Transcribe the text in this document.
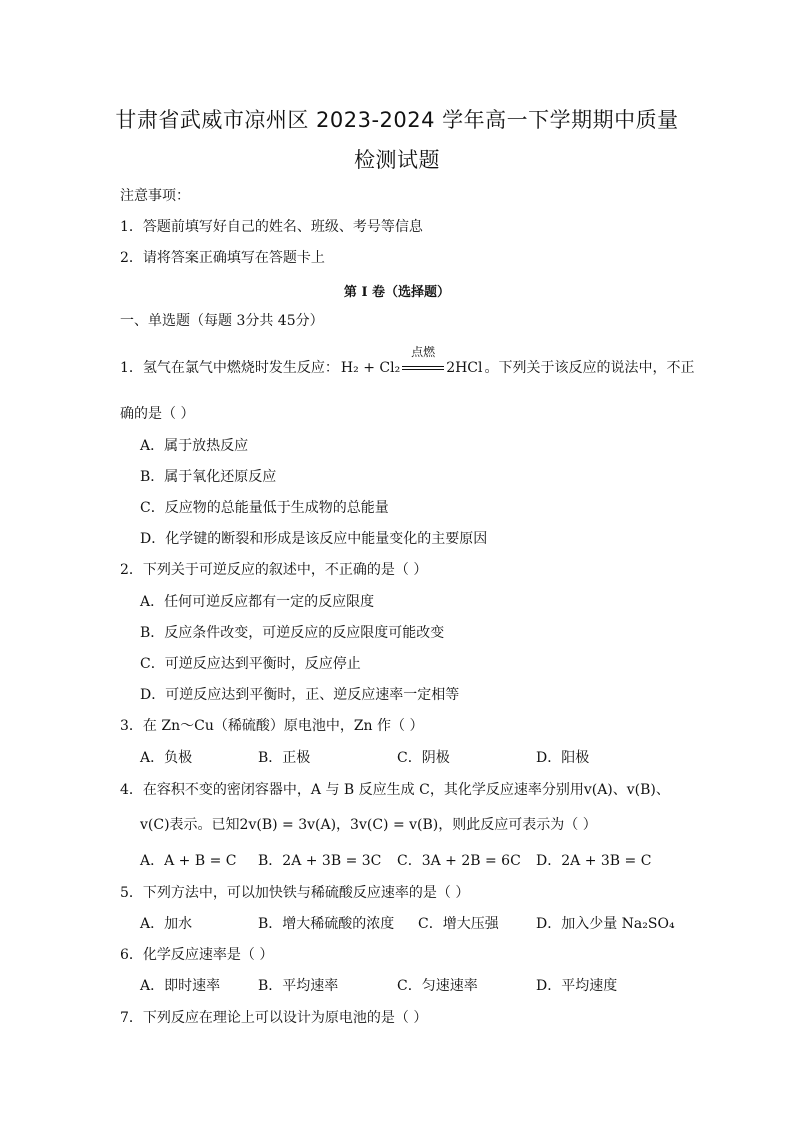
甘肃省武威市凉州区 2023-2024 学年高一下学期期中质量
检测试题
注意事项：
1．答题前填写好自己的姓名、班级、考号等信息
2．请将答案正确填写在答题卡上
第 I 卷（选择题）
一、单选题（每题 3分共 45分）
1．氢气在氯气中燃烧时发生反应： H₂ + Cl₂
点燃
2HCl 。下列关于该反应的说法中，不正
确的是（ ）
A．属于放热反应
B．属于氧化还原反应
C．反应物的总能量低于生成物的总能量
D．化学键的断裂和形成是该反应中能量变化的主要原因
2．下列关于可逆反应的叙述中，不正确的是（ ）
A．任何可逆反应都有一定的反应限度
B．反应条件改变，可逆反应的反应限度可能改变
C．可逆反应达到平衡时，反应停止
D．可逆反应达到平衡时，正、逆反应速率一定相等
3．在 Zn～Cu（稀硫酸）原电池中，Zn 作（ ）
A．负极	B．正极	C．阴极	D．阳极
4．在容积不变的密闭容器中，A 与 B 反应生成 C，其化学反应速率分别用v(A)、v(B)、
v(C)表示。已知2v(B) = 3v(A)，3v(C) = v(B)，则此反应可表示为（ ）
A．A + B = C B．2A + 3B = 3C C．3A + 2B = 6C D．2A + 3B = C
5．下列方法中，可以加快铁与稀硫酸反应速率的是（ ）
A．加水	B．增大稀硫酸的浓度 C．增大压强	D．加入少量 Na₂SO₄
6．化学反应速率是（ ）
A．即时速率	B．平均速率	C．匀速速率	D．平均速度
7．下列反应在理论上可以设计为原电池的是（ ）
